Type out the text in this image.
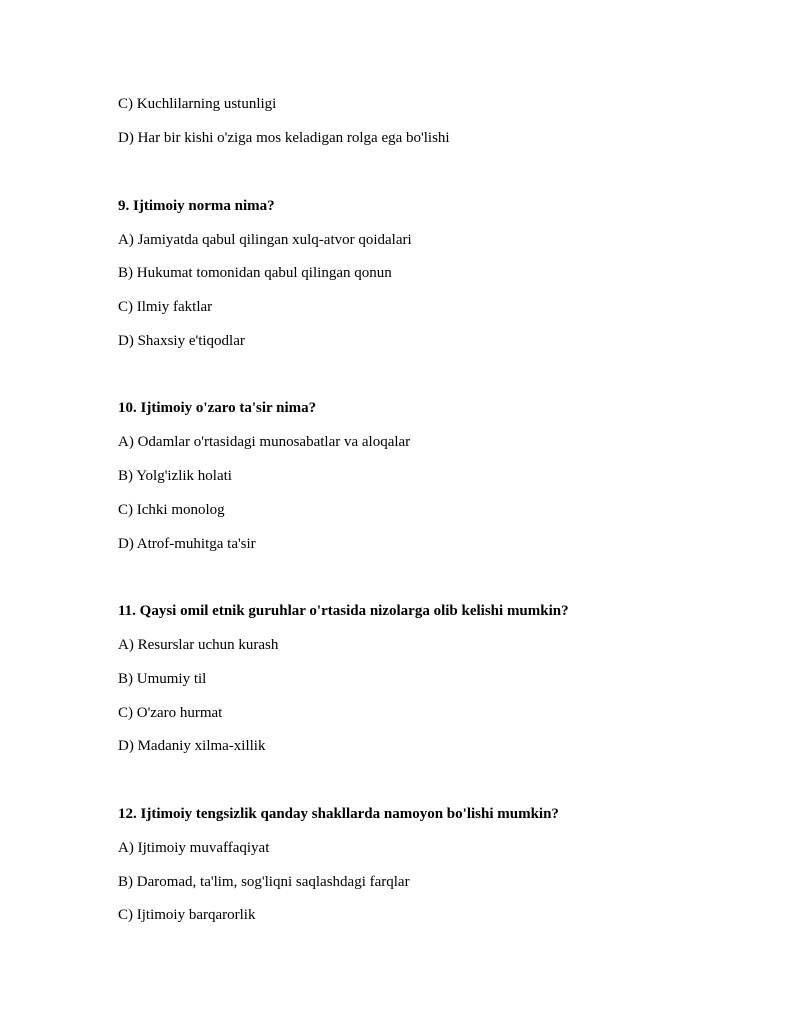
C) Kuchlilarning ustunligi
D) Har bir kishi o'ziga mos keladigan rolga ega bo'lishi
9. Ijtimoiy norma nima?
A) Jamiyatda qabul qilingan xulq-atvor qoidalari
B) Hukumat tomonidan qabul qilingan qonun
C) Ilmiy faktlar
D) Shaxsiy e'tiqodlar
10. Ijtimoiy o'zaro ta'sir nima?
A) Odamlar o'rtasidagi munosabatlar va aloqalar
B) Yolg'izlik holati
C) Ichki monolog
D) Atrof-muhitga ta'sir
11. Qaysi omil etnik guruhlar o'rtasida nizolarga olib kelishi mumkin?
A) Resurslar uchun kurash
B) Umumiy til
C) O'zaro hurmat
D) Madaniy xilma-xillik
12. Ijtimoiy tengsizlik qanday shakllarda namoyon bo'lishi mumkin?
A) Ijtimoiy muvaffaqiyat
B) Daromad, ta'lim, sog'liqni saqlashdagi farqlar
C) Ijtimoiy barqarorlik
